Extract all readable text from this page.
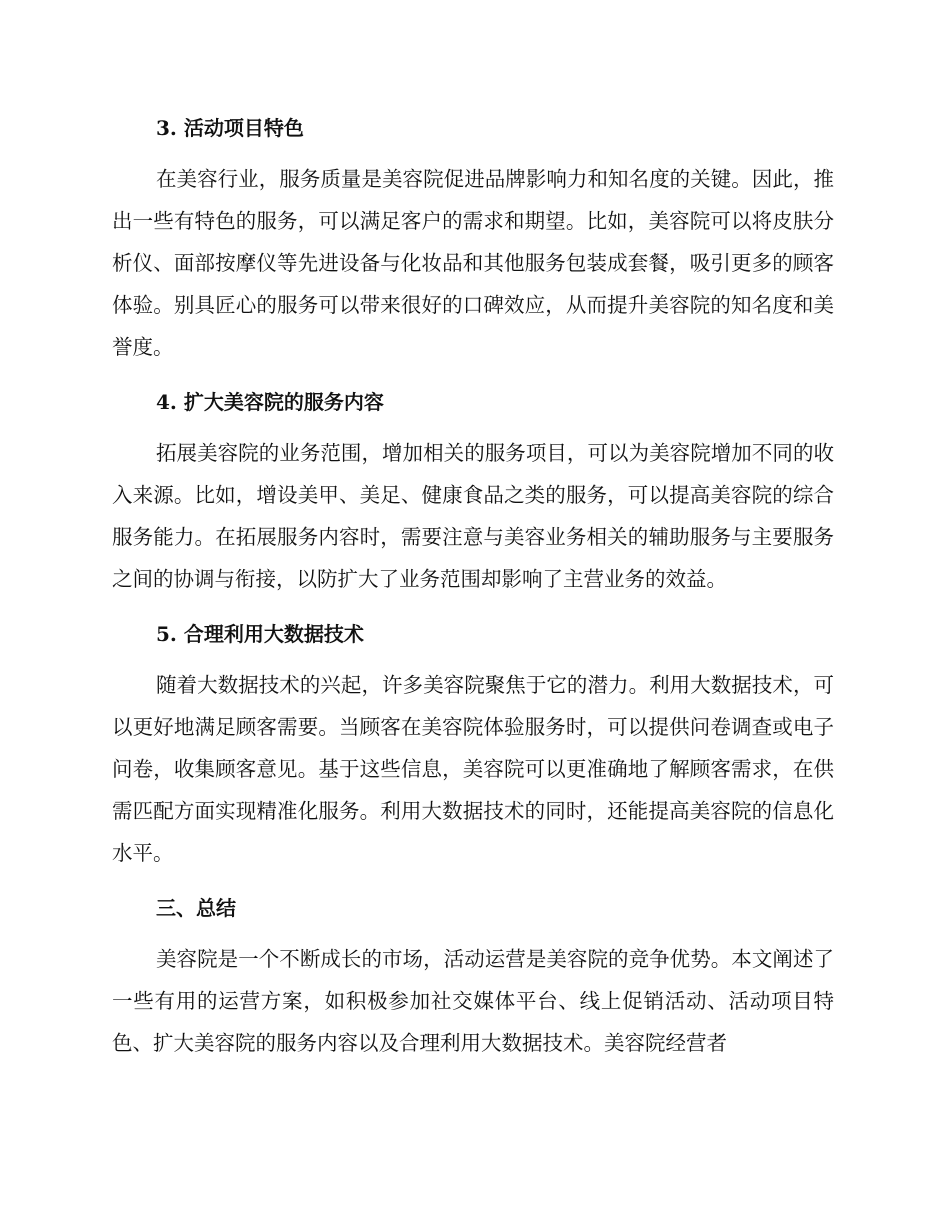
3. 活动项目特色

在美容行业，服务质量是美容院促进品牌影响力和知名度的关键。因此，推出一些有特色的服务，可以满足客户的需求和期望。比如，美容院可以将皮肤分析仪、面部按摩仪等先进设备与化妆品和其他服务包装成套餐，吸引更多的顾客体验。别具匠心的服务可以带来很好的口碑效应，从而提升美容院的知名度和美誉度。

4. 扩大美容院的服务内容

拓展美容院的业务范围，增加相关的服务项目，可以为美容院增加不同的收入来源。比如，增设美甲、美足、健康食品之类的服务，可以提高美容院的综合服务能力。在拓展服务内容时，需要注意与美容业务相关的辅助服务与主要服务之间的协调与衔接，以防扩大了业务范围却影响了主营业务的效益。

5. 合理利用大数据技术

随着大数据技术的兴起，许多美容院聚焦于它的潜力。利用大数据技术，可以更好地满足顾客需要。当顾客在美容院体验服务时，可以提供问卷调查或电子问卷，收集顾客意见。基于这些信息，美容院可以更准确地了解顾客需求，在供需匹配方面实现精准化服务。利用大数据技术的同时，还能提高美容院的信息化水平。

三、总结

美容院是一个不断成长的市场，活动运营是美容院的竞争优势。本文阐述了一些有用的运营方案，如积极参加社交媒体平台、线上促销活动、活动项目特色、扩大美容院的服务内容以及合理利用大数据技术。美容院经营者
